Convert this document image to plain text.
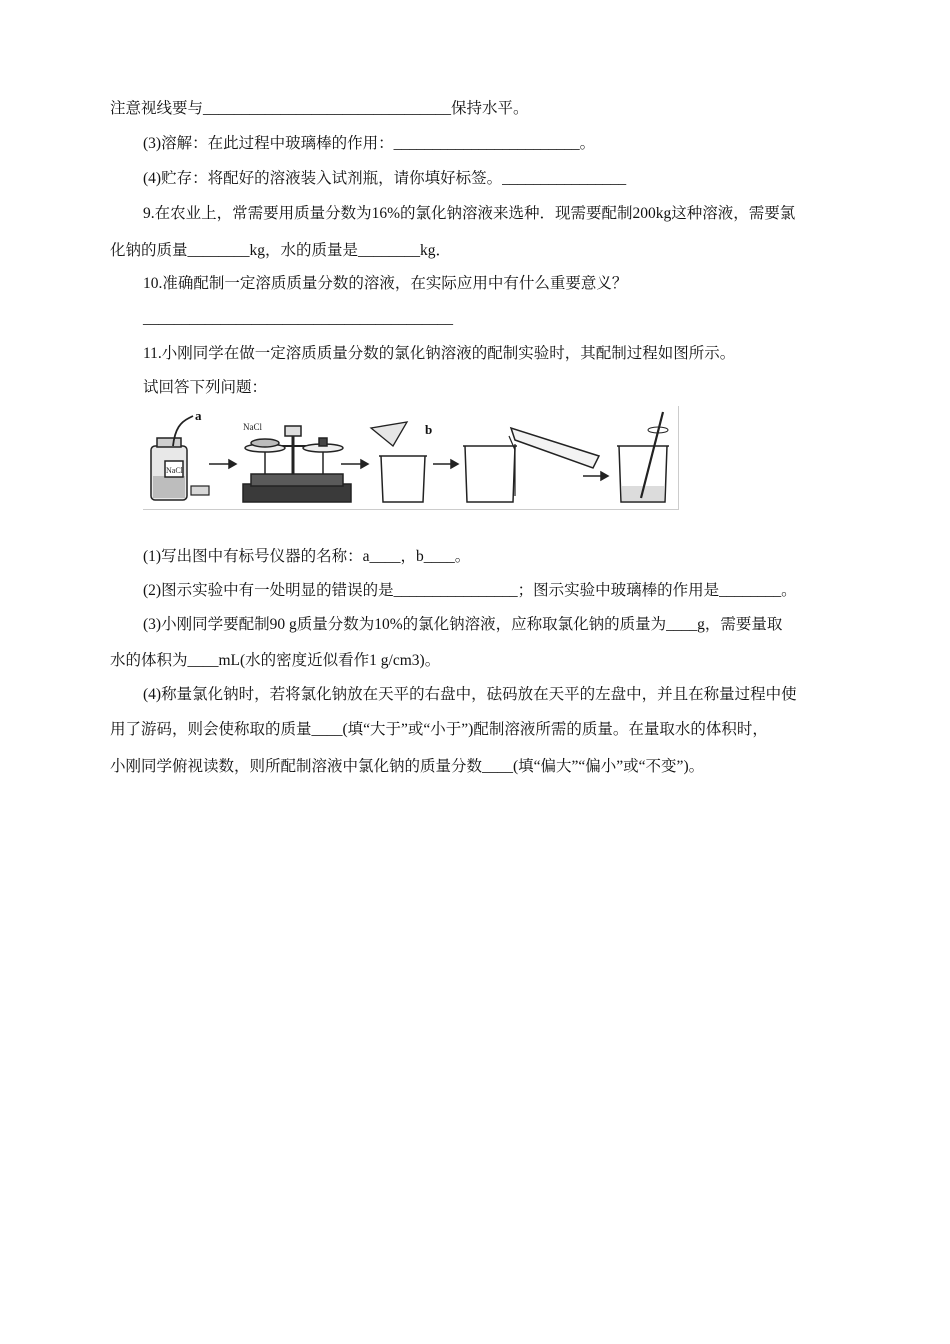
注意视线要与________________________________保持水平。
(3)溶解：在此过程中玻璃棒的作用：________________________。
(4)贮存：将配好的溶液装入试剂瓶，请你填好标签。________________
9.在农业上，常需要用质量分数为16%的氯化钠溶液来选种．现需要配制200kg这种溶液，需要氯
化钠的质量________kg，水的质量是________kg．
10.准确配制一定溶质质量分数的溶液，在实际应用中有什么重要意义？
________________________________________
11.小刚同学在做一定溶质质量分数的氯化钠溶液的配制实验时，其配制过程如图所示。
试回答下列问题：
NaCl
a
NaCl	b
(1)写出图中有标号仪器的名称：a____，b____。
(2)图示实验中有一处明显的错误的是________________；图示实验中玻璃棒的作用是________。
(3)小刚同学要配制90 g质量分数为10%的氯化钠溶液，应称取氯化钠的质量为____g，需要量取
水的体积为____mL(水的密度近似看作1 g/cm3)。
(4)称量氯化钠时，若将氯化钠放在天平的右盘中，砝码放在天平的左盘中，并且在称量过程中使
用了游码，则会使称取的质量____(填“大于”或“小于”)配制溶液所需的质量。在量取水的体积时，
小刚同学俯视读数，则所配制溶液中氯化钠的质量分数____(填“偏大”“偏小”或“不变”)。
